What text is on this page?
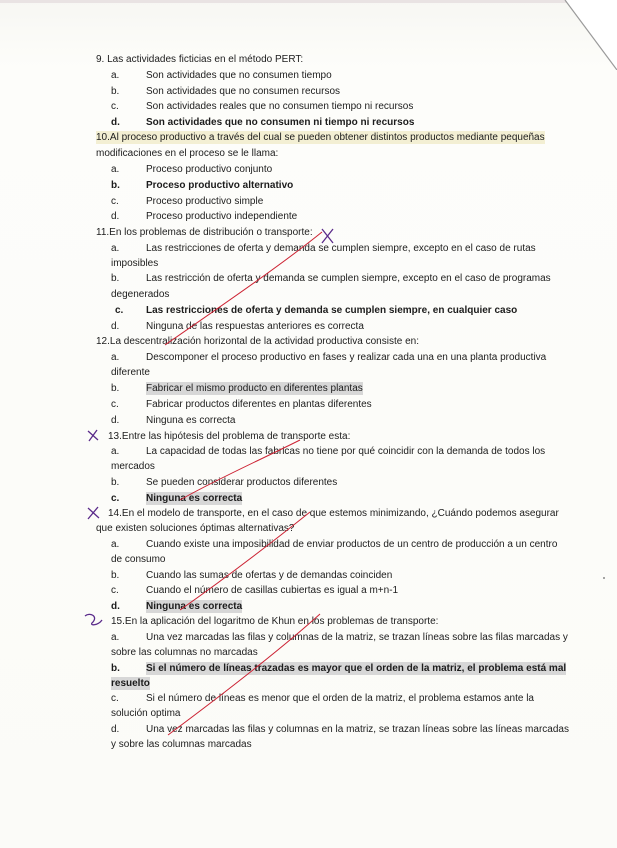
9. Las actividades ficticias en el método PERT:
a.	Son actividades que no consumen tiempo
b.	Son actividades que no consumen recursos
c.	Son actividades reales que no consumen tiempo ni recursos
d.	Son actividades que no consumen ni tiempo ni recursos
10.Al proceso productivo a través del cual se pueden obtener distintos productos mediante pequeñas
modificaciones en el proceso se le llama:
a.	Proceso productivo conjunto
b.	Proceso productivo alternativo
c.	Proceso productivo simple
d.	Proceso productivo independiente
11.En los problemas de distribución o transporte:
a.	Las restricciones de oferta y demanda se cumplen siempre, excepto en el caso de rutas
imposibles
b.	Las restricción de oferta y demanda se cumplen siempre, excepto en el caso de programas
degenerados
c. Las restricciones de oferta y demanda se cumplen siempre, en cualquier caso
d.	Ninguna de las respuestas anteriores es correcta
12.La descentralización horizontal de la actividad productiva consiste en:
a.	Descomponer el proceso productivo en fases y realizar cada una en una planta productiva
diferente
b.	Fabricar el mismo producto en diferentes plantas
c.	Fabricar productos diferentes en plantas diferentes
d.	Ninguna es correcta
13.Entre las hipótesis del problema de transporte esta:
a.	La capacidad de todas las fabricas no tiene por qué coincidir con la demanda de todos los
mercados
b.	Se pueden considerar productos diferentes
c.	Ninguna es correcta
14.En el modelo de transporte, en el caso de que estemos minimizando, ¿Cuándo podemos asegurar
que existen soluciones óptimas alternativas?
a.	Cuando existe una imposibilidad de enviar productos de un centro de producción a un centro
de consumo
b.	Cuando las sumas de ofertas y de demandas coinciden
c.	Cuando el número de casillas cubiertas es igual a m+n-1
d.	Ninguna es correcta
15.En la aplicación del logaritmo de Khun en los problemas de transporte:
a.	Una vez marcadas las filas y columnas de la matriz, se trazan líneas sobre las filas marcadas y
sobre las columnas no marcadas
b.	Si el número de líneas trazadas es mayor que el orden de la matriz, el problema está mal
resuelto
c.	Si el número de líneas es menor que el orden de la matriz, el problema estamos ante la
solución optima
d.	Una vez marcadas las filas y columnas en la matriz, se trazan líneas sobre las líneas marcadas
y sobre las columnas marcadas
